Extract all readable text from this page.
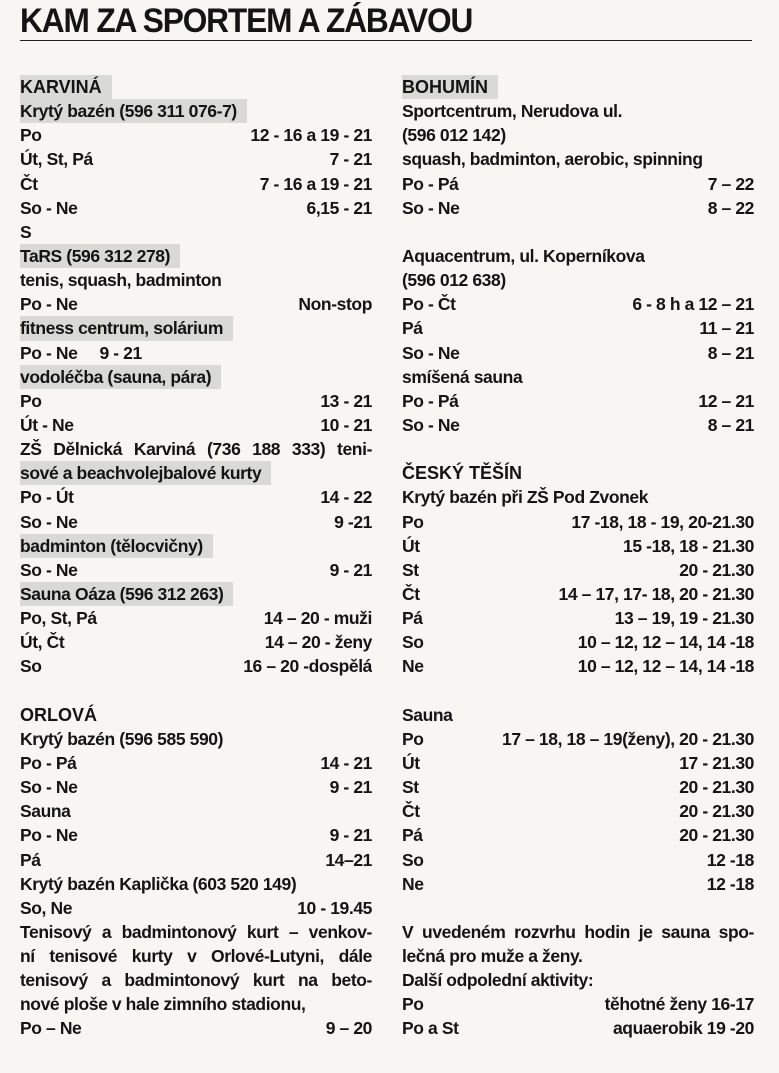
KAM ZA SPORTEM A ZÁBAVOU
KARVINÁ
Krytý bazén (596 311 076-7)
Po	12 - 16 a 19 - 21
Út, St, Pá	7 - 21
Čt	7 - 16 a 19 - 21
So - Ne	6,15 - 21
S
TaRS (596 312 278)
tenis, squash, badminton
Po - Ne	Non-stop
fitness centrum, solárium
Po - Ne 9 - 21
vodoléčba (sauna, pára)
Po	13 - 21
Út - Ne	10 - 21
ZŠ Dělnická Karviná (736 188 333) teni-
sové a beachvolejbalové kurty
Po - Út	14 - 22
So - Ne	9 -21
badminton (tělocvičny)
So - Ne	9 - 21
Sauna Oáza (596 312 263)
Po, St, Pá	14 – 20 - muži
Út, Čt	14 – 20 - ženy
So	16 – 20 -dospělá
ORLOVÁ
Krytý bazén (596 585 590)
Po - Pá	14 - 21
So - Ne	9 - 21
Sauna
Po - Ne	9 - 21
Pá	14–21
Krytý bazén Kaplička (603 520 149)
So, Ne	10 - 19.45
Tenisový a badmintonový kurt – venkov-
ní tenisové kurty v Orlové-Lutyni, dále
tenisový a badmintonový kurt na beto-
nové ploše v hale zimního stadionu,
Po – Ne	9 – 20
BOHUMÍN
Sportcentrum, Nerudova ul.
(596 012 142)
squash, badminton, aerobic, spinning
Po - Pá	7 – 22
So - Ne	8 – 22
Aquacentrum, ul. Koperníkova
(596 012 638)
Po - Čt	6 - 8 h a 12 – 21
Pá	11 – 21
So - Ne	8 – 21
smíšená sauna
Po - Pá	12 – 21
So - Ne	8 – 21
ČESKÝ TĚŠÍN
Krytý bazén při ZŠ Pod Zvonek
Po	17 -18, 18 - 19, 20-21.30
Út	15 -18, 18 - 21.30
St	20 - 21.30
Čt	14 – 17, 17- 18, 20 - 21.30
Pá	13 – 19, 19 - 21.30
So	10 – 12, 12 – 14, 14 -18
Ne	10 – 12, 12 – 14, 14 -18
Sauna
Po	17 – 18, 18 – 19(ženy), 20 - 21.30
Út	17 - 21.30
St	20 - 21.30
Čt	20 - 21.30
Pá	20 - 21.30
So	12 -18
Ne	12 -18
V uvedeném rozvrhu hodin je sauna spo-
lečná pro muže a ženy.
Další odpolední aktivity:
Po	těhotné ženy 16-17
Po a St	aquaerobik 19 -20
